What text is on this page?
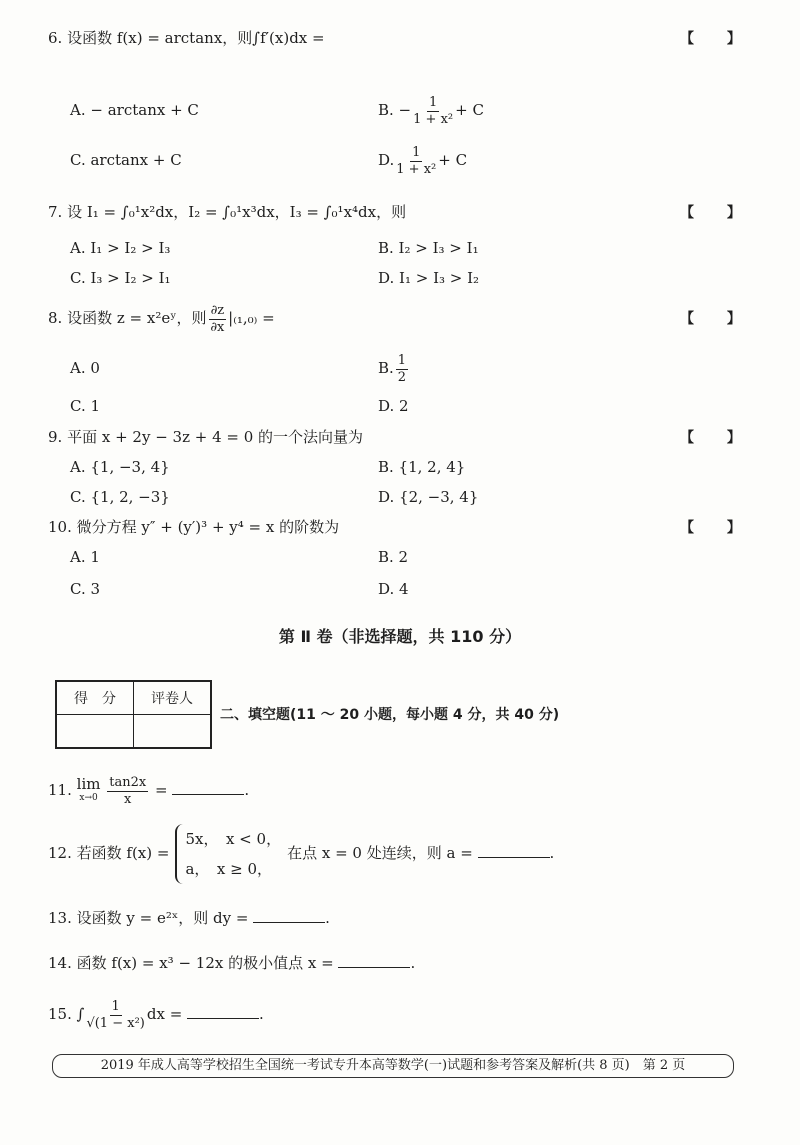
6. 设函数 f(x) = arctanx，则∫f′(x)dx =	【 】
A. − arctanx + C	B. − $\frac{1}{\text{1 + x²}} + C$
C. arctanx + C	D. $\frac{1}{\text{1 + x²}} + C$
7. 设 I₁ = ∫₀¹x²dx，I₂ = ∫₀¹x³dx，I₃ = ∫₀¹x⁴dx，则	【 】
A. I₁ > I₂ > I₃	B. I₂ > I₃ > I₁
C. I₃ > I₂ > I₁	D. I₁ > I₃ > I₂
8. 设函数 z = x²eʸ，则 $\frac{\partial z}{\partial x} |_{(1},_{0)}$ =	【 】
A. 0	B. $\frac{1}{2}$
C. 1	D. 2
9. 平面 x + 2y − 3z + 4 = 0 的一个法向量为	【 】
A. {1, −3, 4}	B. {1, 2, 4}
C. {1, 2, −3}	D. {2, −3, 4}
10. 微分方程 y″ + (y′)³ + y⁴ = x 的阶数为	【 】
A. 1	B. 2
C. 3	D. 4
第 Ⅱ 卷（非选择题，共 110 分）
得　分	评卷人

二、填空题(11 ～ 20 小题，每小题 4 分，共 40 分)
11. lim
x→0
$\frac{\tan 2x}{x}$ =	.
12. 若函数 f(x) =
5x，　x < 0，
a，　x ≥ 0，
在点 x = 0 处连续，则 a =	.
13. 设函数 y = e²ˣ，则 dy =	.
14. 函数 f(x) = x³ − 12x 的极小值点 x =	.
15. ∫ $\frac{1}{\text{√(1 − x²)}}$ dx =	.
2019 年成人高等学校招生全国统一考试专升本高等数学(一)试题和参考答案及解析(共 8 页)　第 2 页
